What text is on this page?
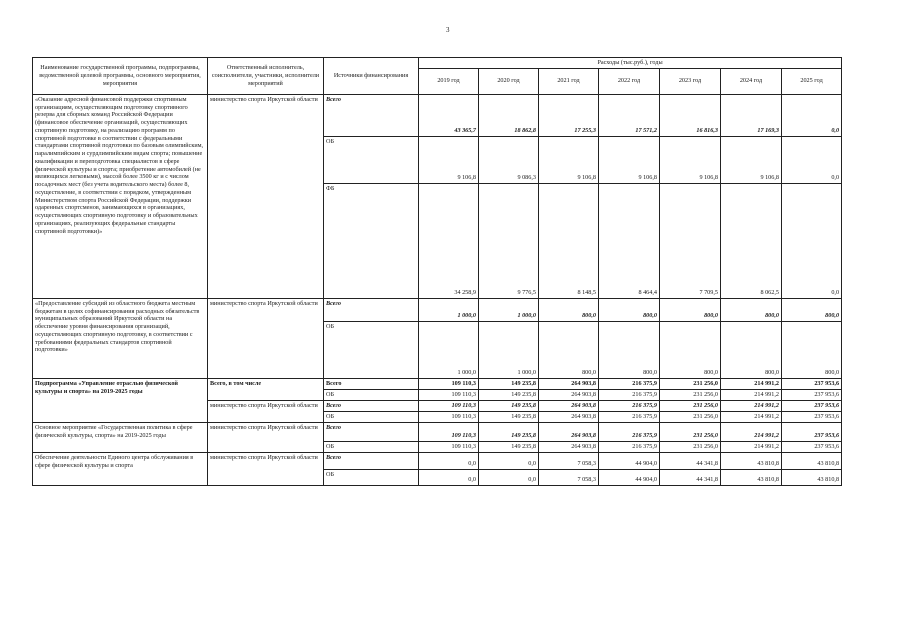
3
Наименование государственной программы, подпрограммы, ведомственной целевой программы, основного мероприятия, мероприятия	Ответственный исполнитель, соисполнители, участники, исполнители мероприятий	Источники финансирования	Расходы (тыс.руб.), годы						
			2019 год	2020 год	2021 год	2022 год	2023 год	2024 год	2025 год
«Оказание адресной финансовой поддержки спортивным организациям, осуществляющим подготовку спортивного резерва для сборных команд Российской Федерации (финансовое обеспечение организаций, осуществляющих спортивную подготовку, на реализацию программ по спортивной подготовке в соответствии с федеральными стандартами спортивной подготовки по базовым олимпийским, паралимпийским и сурдлимпийским видам спорта; повышение квалификации и переподготовка специалистов в сфере физической культуры и спорта; приобретение автомобилей (не являющихся легковыми), массой более 3500 кг и с числом посадочных мест (без учета водительского места) более 8, осуществление, в соответствии с порядком, утвержденным Министерством спорта Российской Федерации, поддержки одаренных спортсменов, занимающихся в организациях, осуществляющих спортивную подготовку и образовательных организациях, реализующих федеральные стандарты спортивной подготовки)»	министерство спорта Иркутской области	Всего	43 365,7	18 862,8	17 255,3	17 571,2	16 816,3	17 169,3	0,0
		ОБ	9 106,8	9 086,3	9 106,8	9 106,8	9 106,8	9 106,8	0,0
		ФБ	34 258,9	9 776,5	8 148,5	8 464,4	7 709,5	8 062,5	0,0
«Предоставление субсидий из областного бюджета местным бюджетам в целях софинансирования расходных обязательств муниципальных образований Иркутской области на обеспечение уровня финансирования организаций, осуществляющих спортивную подготовку, в соответствии с требованиями федеральных стандартов спортивной подготовки»	министерство спорта Иркутской области	Всего	1 000,0	1 000,0	800,0	800,0	800,0	800,0	800,0
		ОБ	1 000,0	1 000,0	800,0	800,0	800,0	800,0	800,0
Подпрограмма «Управление отраслью физической культуры и спорта» на 2019-2025 годы	Всего, в том числе	Всего	109 110,3	149 235,8	264 903,8	216 375,9	231 256,0	214 991,2	237 953,6
		ОБ	109 110,3	149 235,8	264 903,8	216 375,9	231 256,0	214 991,2	237 953,6
	министерство спорта Иркутской области	Всего	109 110,3	149 235,8	264 903,8	216 375,9	231 256,0	214 991,2	237 953,6
		ОБ	109 110,3	149 235,8	264 903,8	216 375,9	231 256,0	214 991,2	237 953,6
Основное мероприятие «Государственная политика в сфере физической культуры, спорта» на 2019-2025 годы	министерство спорта Иркутской области	Всего	109 110,3	149 235,8	264 903,8	216 375,9	231 256,0	214 991,2	237 953,6
		ОБ	109 110,3	149 235,8	264 903,8	216 375,9	231 256,0	214 991,2	237 953,6
Обеспечение деятельности Единого центра обслуживания в сфере физической культуры и спорта	министерство спорта Иркутской области	Всего	0,0	0,0	7 058,3	44 904,0	44 341,8	43 810,8	43 810,8
		ОБ	0,0	0,0	7 058,3	44 904,0	44 341,8	43 810,8	43 810,8
